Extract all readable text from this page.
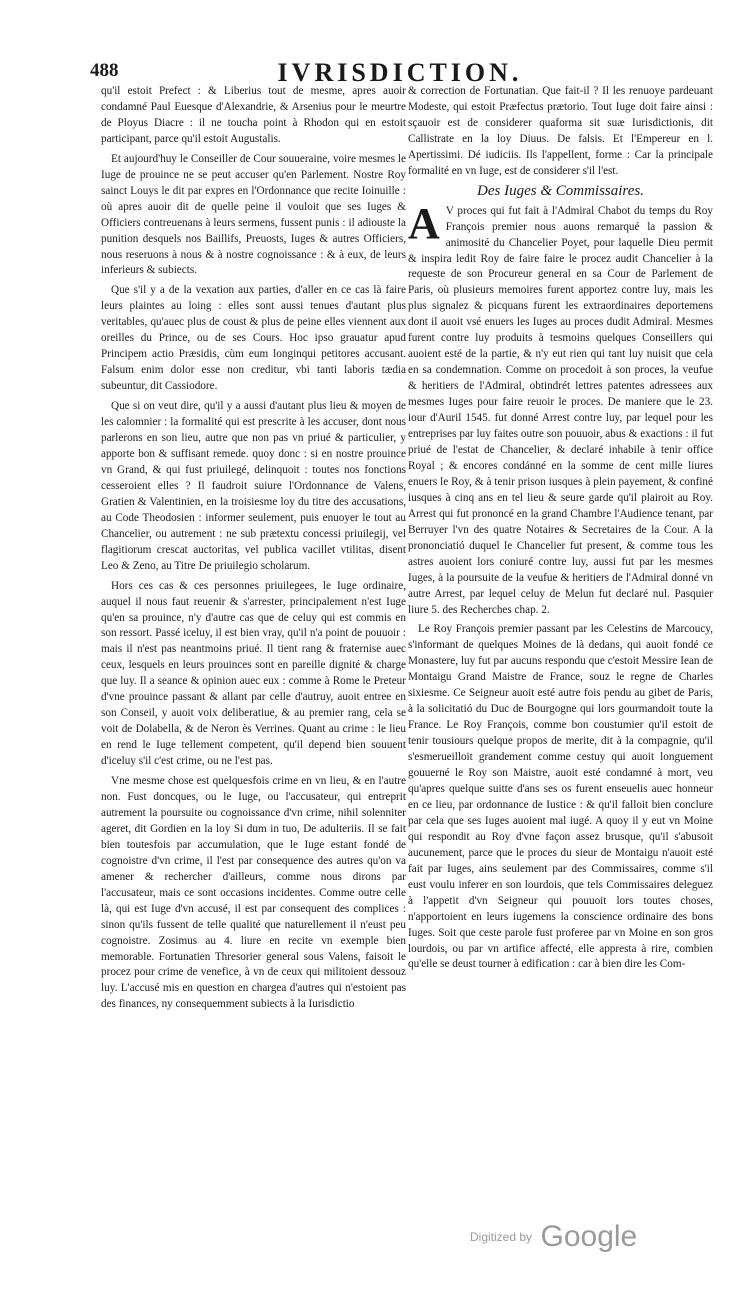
488	IVRISDICTION.

qu'il estoit Prefect : & Liberius tout de mesme, apres auoir condamné Paul Euesque d'Alexandrie, & Arsenius pour le meurtre de Ployus Diacre : il ne toucha point à Rhodon qui en estoit participant, parce qu'il estoit Augustalis.

Et aujourd'huy le Conseiller de Cour souueraine, voire mesmes le Iuge de prouince ne se peut accuser qu'en Parlement. Nostre Roy sainct Louys le dit par expres en l'Ordonnance que recite Ioinuille : où apres auoir dit de quelle peine il vouloit que ses Iuges & Officiers contreuenans à leurs sermens, fussent punis : il adiouste la punition desquels nos Baillifs, Preuosts, Iuges & autres Officiers, nous reseruons à nous & à nostre cognoissance : & à eux, de leurs inferieurs & subiects.

Que s'il y a de la vexation aux parties, d'aller en ce cas là faire leurs plaintes au loing : elles sont aussi tenues d'autant plus veritables, qu'auec plus de coust & plus de peine elles viennent aux oreilles du Prince, ou de ses Cours. Hoc ipso grauatur apud Principem actio Præsidis, cùm eum longinqui petitores accusant. Falsum enim dolor esse non creditur, vbi tanti laboris tædia subeuntur, dit Cassiodore.

Que si on veut dire, qu'il y a aussi d'autant plus lieu & moyen de les calomnier : la formalité qui est prescrite à les accuser, dont nous parlerons en son lieu, autre que non pas vn priué & particulier, y apporte bon & suffisant remede. quoy donc : si en nostre prouince vn Grand, & qui fust priuilegé, delinquoit : toutes nos fonctions cesseroient elles ? Il faudroit suiure l'Ordonnance de Valens, Gratien & Valentinien, en la troisiesme loy du titre des accusations, au Code Theodosien : informer seulement, puis enuoyer le tout au Chancelier, ou autrement : ne sub prætextu concessi priuilegij, vel flagitiorum crescat auctoritas, vel publica vacillet vtilitas, disent Leo & Zeno, au Titre De priuilegio scholarum.

Hors ces cas & ces personnes priuilegees, le Iuge ordinaire, auquel il nous faut reuenir & s'arrester, principalement n'est Iuge qu'en sa prouince, n'y d'autre cas que de celuy qui est commis en son ressort. Passé iceluy, il est bien vray, qu'il n'a point de pouuoir : mais il n'est pas neantmoins priué. Il tient rang & fraternise auec ceux, lesquels en leurs prouinces sont en pareille dignité & charge que luy. Il a seance & opinion auec eux : comme à Rome le Preteur d'vne prouince passant & allant par celle d'autruy, auoit entree en son Conseil, y auoit voix deliberatiue, & au premier rang, cela se voit de Dolabella, & de Neron ès Verrines. Quant au crime : le lieu en rend le Iuge tellement competent, qu'il depend bien souuent d'iceluy s'il c'est crime, ou ne l'est pas.

Vne mesme chose est quelquesfois crime en vn lieu, & en l'autre non. Fust doncques, ou le Iuge, ou l'accusateur, qui entreprit autrement la poursuite ou cognoissance d'vn crime, nihil solenniter ageret, dit Gordien en la loy Si dum in tuo, De adulteriis. Il se fait bien toutesfois par accumulation, que le Iuge estant fondé de cognoistre d'vn crime, il l'est par consequence des autres qu'on va amener & rechercher d'ailleurs, comme nous dirons par l'accusateur, mais ce sont occasions incidentes. Comme outre celle là, qui est Iuge d'vn accusé, il est par consequent des complices : sinon qu'ils fussent de telle qualité que naturellement il n'eust peu cognoistre. Zosimus au 4. liure en recite vn exemple bien memorable. Fortunatien Thresorier general sous Valens, faisoit le procez pour crime de venefice, à vn de ceux qui militoient dessouz luy. L'accusé mis en question en chargea d'autres qui n'estoient pas des finances, ny consequemment subiects à la Iurisdictio

& correction de Fortunatian. Que fait-il ? Il les renuoye pardeuant Modeste, qui estoit Præfectus prætorio. Tout Iuge doit faire ainsi : sçauoir est de considerer quaforma sit suæ Iurisdictionis, dit Callistrate en la loy Diuus. De falsis. Et l'Empereur en l. Apertissimi. Dé iudiciis. Ils l'appellent, forme : Car la principale formalité en vn Iuge, est de considerer s'il l'est.

Des Iuges & Commissaires.

A V proces qui fut fait à l'Admiral Chabot du temps du Roy François premier nous auons remarqué la passion & animosité du Chancelier Poyet, pour laquelle Dieu permit & inspira ledit Roy de faire faire le procez audit Chancelier à la requeste de son Procureur general en sa Cour de Parlement de Paris, où plusieurs memoires furent apportez contre luy, mais les plus signalez & picquans furent les extraordinaires deportemens dont il auoit vsé enuers les Iuges au proces dudit Admiral. Mesmes furent contre luy produits à tesmoins quelques Conseillers qui auoient esté de la partie, & n'y eut rien qui tant luy nuisit que cela en sa condemnation. Comme on procedoit à son proces, la veufue & heritiers de l'Admiral, obtindrét lettres patentes adressees aux mesmes Iuges pour faire reuoir le proces. De maniere que le 23. iour d'Auril 1545. fut donné Arrest contre luy, par lequel pour les entreprises par luy faites outre son pouuoir, abus & exactions : il fut priué de l'estat de Chancelier, & declaré inhabile à tenir office Royal ; & encores condánné en la somme de cent mille liures enuers le Roy, & à tenir prison iusques à plein payement, & confiné iusques à cinq ans en tel lieu & seure garde qu'il plairoit au Roy. Arrest qui fut prononcé en la grand Chambre l'Audience tenant, par Berruyer l'vn des quatre Notaires & Secretaires de la Cour. A la prononciatió duquel le Chancelier fut present, & comme tous les astres auoient lors coniuré contre luy, aussi fut par les mesmes Iuges, à la poursuite de la veufue & heritiers de l'Admiral donné vn autre Arrest, par lequel celuy de Melun fut declaré nul. Pasquier liure 5. des Recherches chap. 2.

Le Roy François premier passant par les Celestins de Marcoucy, s'informant de quelques Moines de là dedans, qui auoit fondé ce Monastere, luy fut par aucuns respondu que c'estoit Messire Iean de Montaigu Grand Maistre de France, souz le regne de Charles sixiesme. Ce Seigneur auoit esté autre fois pendu au gibet de Paris, à la solicitatió du Duc de Bourgogne qui lors gourmandoit toute la France. Le Roy François, comme bon coustumier qu'il estoit de tenir tousiours quelque propos de merite, dit à la compagnie, qu'il s'esmerueilloit grandement comme cestuy qui auoit longuement gouuerné le Roy son Maistre, auoit esté condamné à mort, veu qu'apres quelque suitte d'ans ses os furent enseuelis auec honneur en ce lieu, par ordonnance de Iustice : & qu'il falloit bien conclure par cela que ses Iuges auoient mal iugé. A quoy il y eut vn Moine qui respondit au Roy d'vne façon assez brusque, qu'il s'abusoit aucunement, parce que le proces du sieur de Montaigu n'auoit esté fait par Iuges, ains seulement par des Commissaires, comme s'il eust voulu inferer en son lourdois, que tels Commissaires deleguez à l'appetit d'vn Seigneur qui pouuoit lors toutes choses, n'apportoient en leurs iugemens la conscience ordinaire des bons Iuges. Soit que ceste parole fust proferee par vn Moine en son gros lourdois, ou par vn artifice affecté, elle appresta à rire, combien qu'elle se deust tourner à edification : car à bien dire les Com-

Digitized by Google
